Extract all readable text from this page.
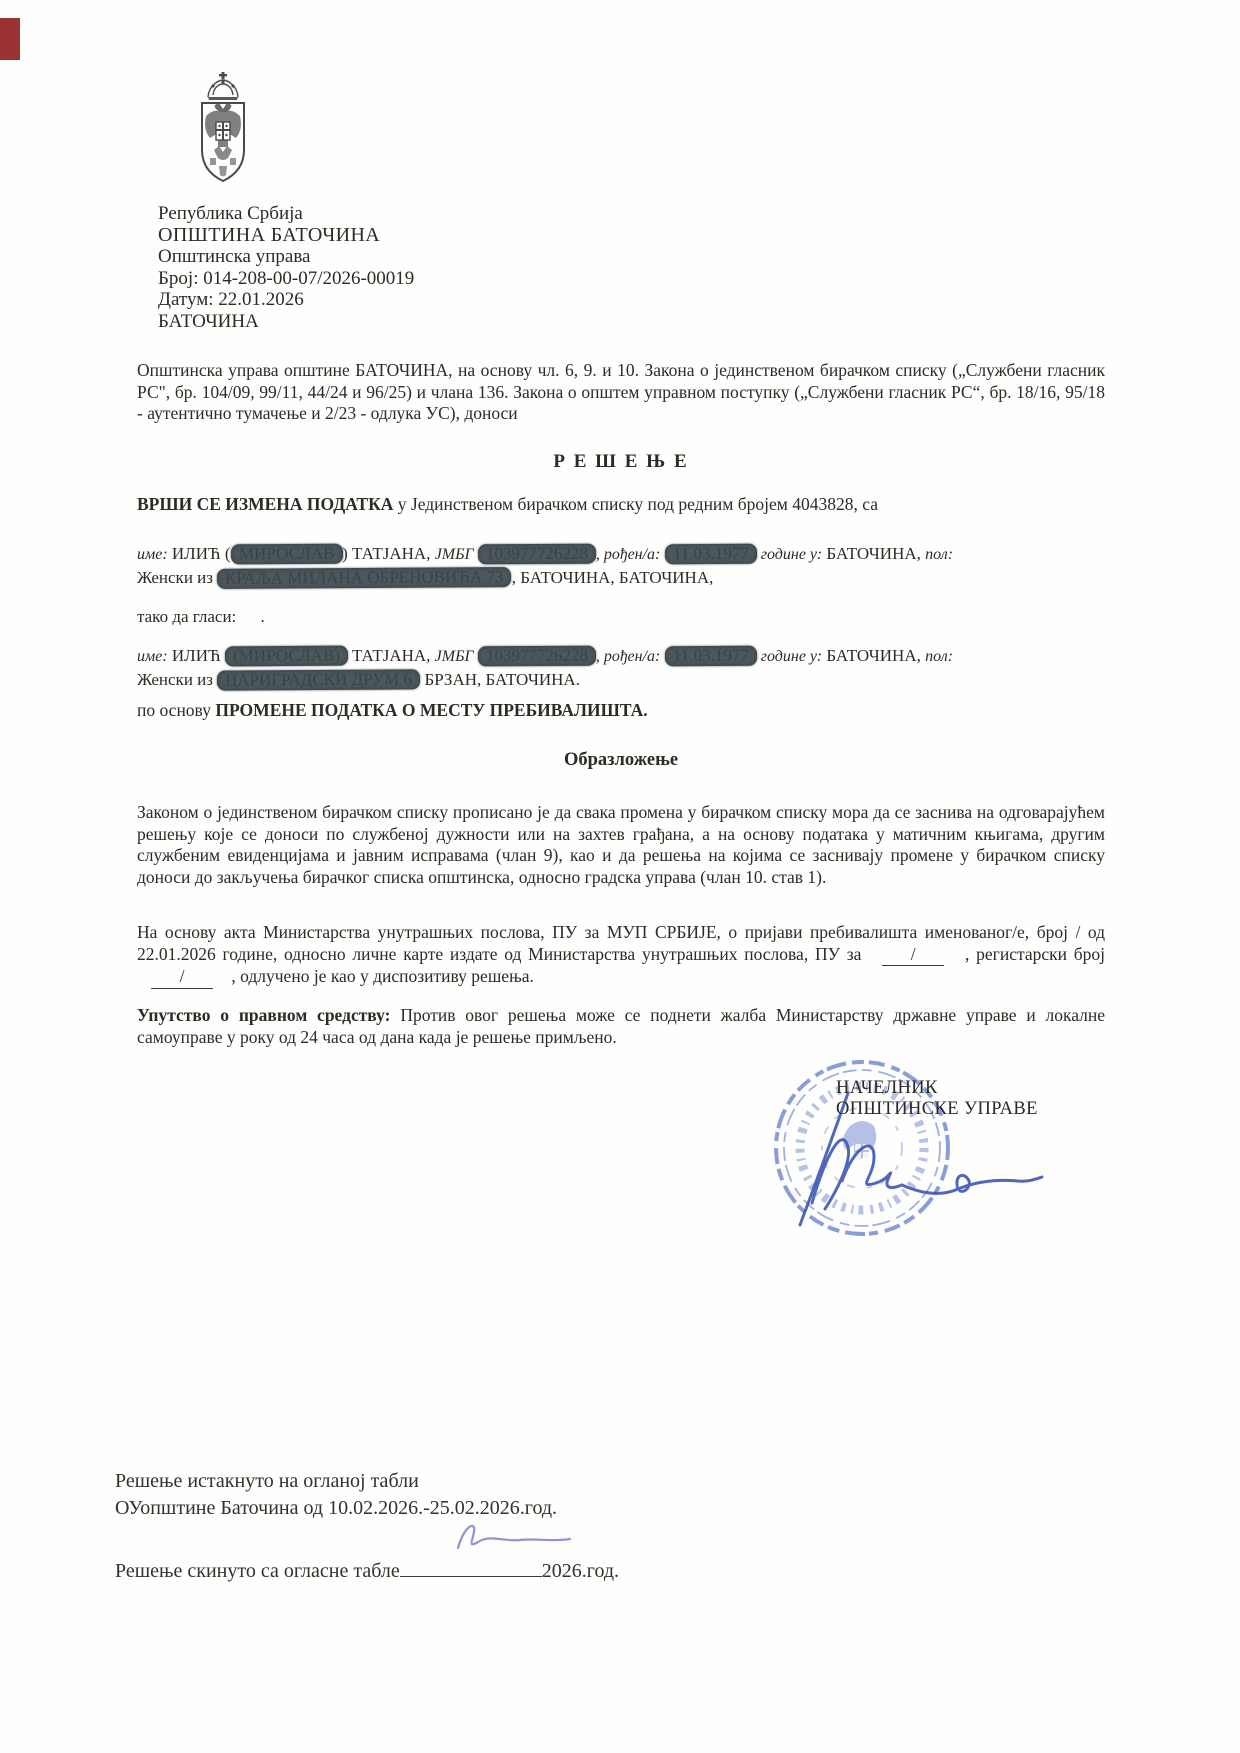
Република Србија
ОПШТИНА БАТОЧИНА
Општинска управа
Број: 014-208-00-07/2026-00019
Датум: 22.01.2026
БАТОЧИНА
Општинска управа општине БАТОЧИНА, на основу чл. 6, 9. и 10. Закона о јединственом бирачком списку („Службени гласник РС", бр. 104/09, 99/11, 44/24 и 96/25) и члана 136. Закона о општем управном поступку („Службени гласник РС“, бр. 18/16, 95/18 - аутентично тумачење и 2/23 - одлука УС), доноси
Р Е Ш Е Њ Е
ВРШИ СЕ ИЗМЕНА ПОДАТКА у Јединственом бирачком списку под редним бројем 4043828, са
име: ИЛИЋ ( МИРОСЛАВ ) ТАТЈАНА, ЈМБГ 103977726228 , рођен/а: 11.03.1977 године у: БАТОЧИНА, пол:
Женски из КРАЉА МИЛАНА ОБРЕНОВИЋА 73 , БАТОЧИНА, БАТОЧИНА,
тако да гласи: .
име: ИЛИЋ (МИРОСЛАВ) ТАТЈАНА, ЈМБГ 103977726228 , рођен/а: 11.03.1977 године у: БАТОЧИНА, пол:
Женски из ЦАРИГРАДСКИ ДРУМ 6 БРЗАН, БАТОЧИНА.
по основу ПРОМЕНЕ ПОДАТКА О МЕСТУ ПРЕБИВАЛИШТА.
Образложење
Законом о јединственом бирачком списку прописано је да свака промена у бирачком списку мора да се заснива на одговарајућем решењу које се доноси по службеној дужности или на захтев грађана, а на основу података у матичним књигама, другим службеним евиденцијама и јавним исправама (члан 9), као и да решења на којима се заснивају промене у бирачком списку доноси до закључења бирачког списка општинска, односно градска управа (члан 10. став 1).
На основу акта Министарства унутрашњих послова, ПУ за МУП СРБИЈЕ, о пријави пребивалишта именованог/е, број / од 22.01.2026 године, односно личне карте издате од Министарства унутрашњих послова, ПУ за	/	, регистарски број /	, одлучено је као у диспозитиву решења.
Упутство о правном средству: Против овог решења може се поднети жалба Министарству државне управе и локалне самоуправе у року од 24 часа од дана када је решење примљено.
НАЧЕЛНИК
ОПШТИНСКЕ УПРАВЕ
Решење истакнуто на огланој табли
ОУопштине Баточина од 10.02.2026.-25.02.2026.год.
Решење скинуто са огласне табле	2026.год.
